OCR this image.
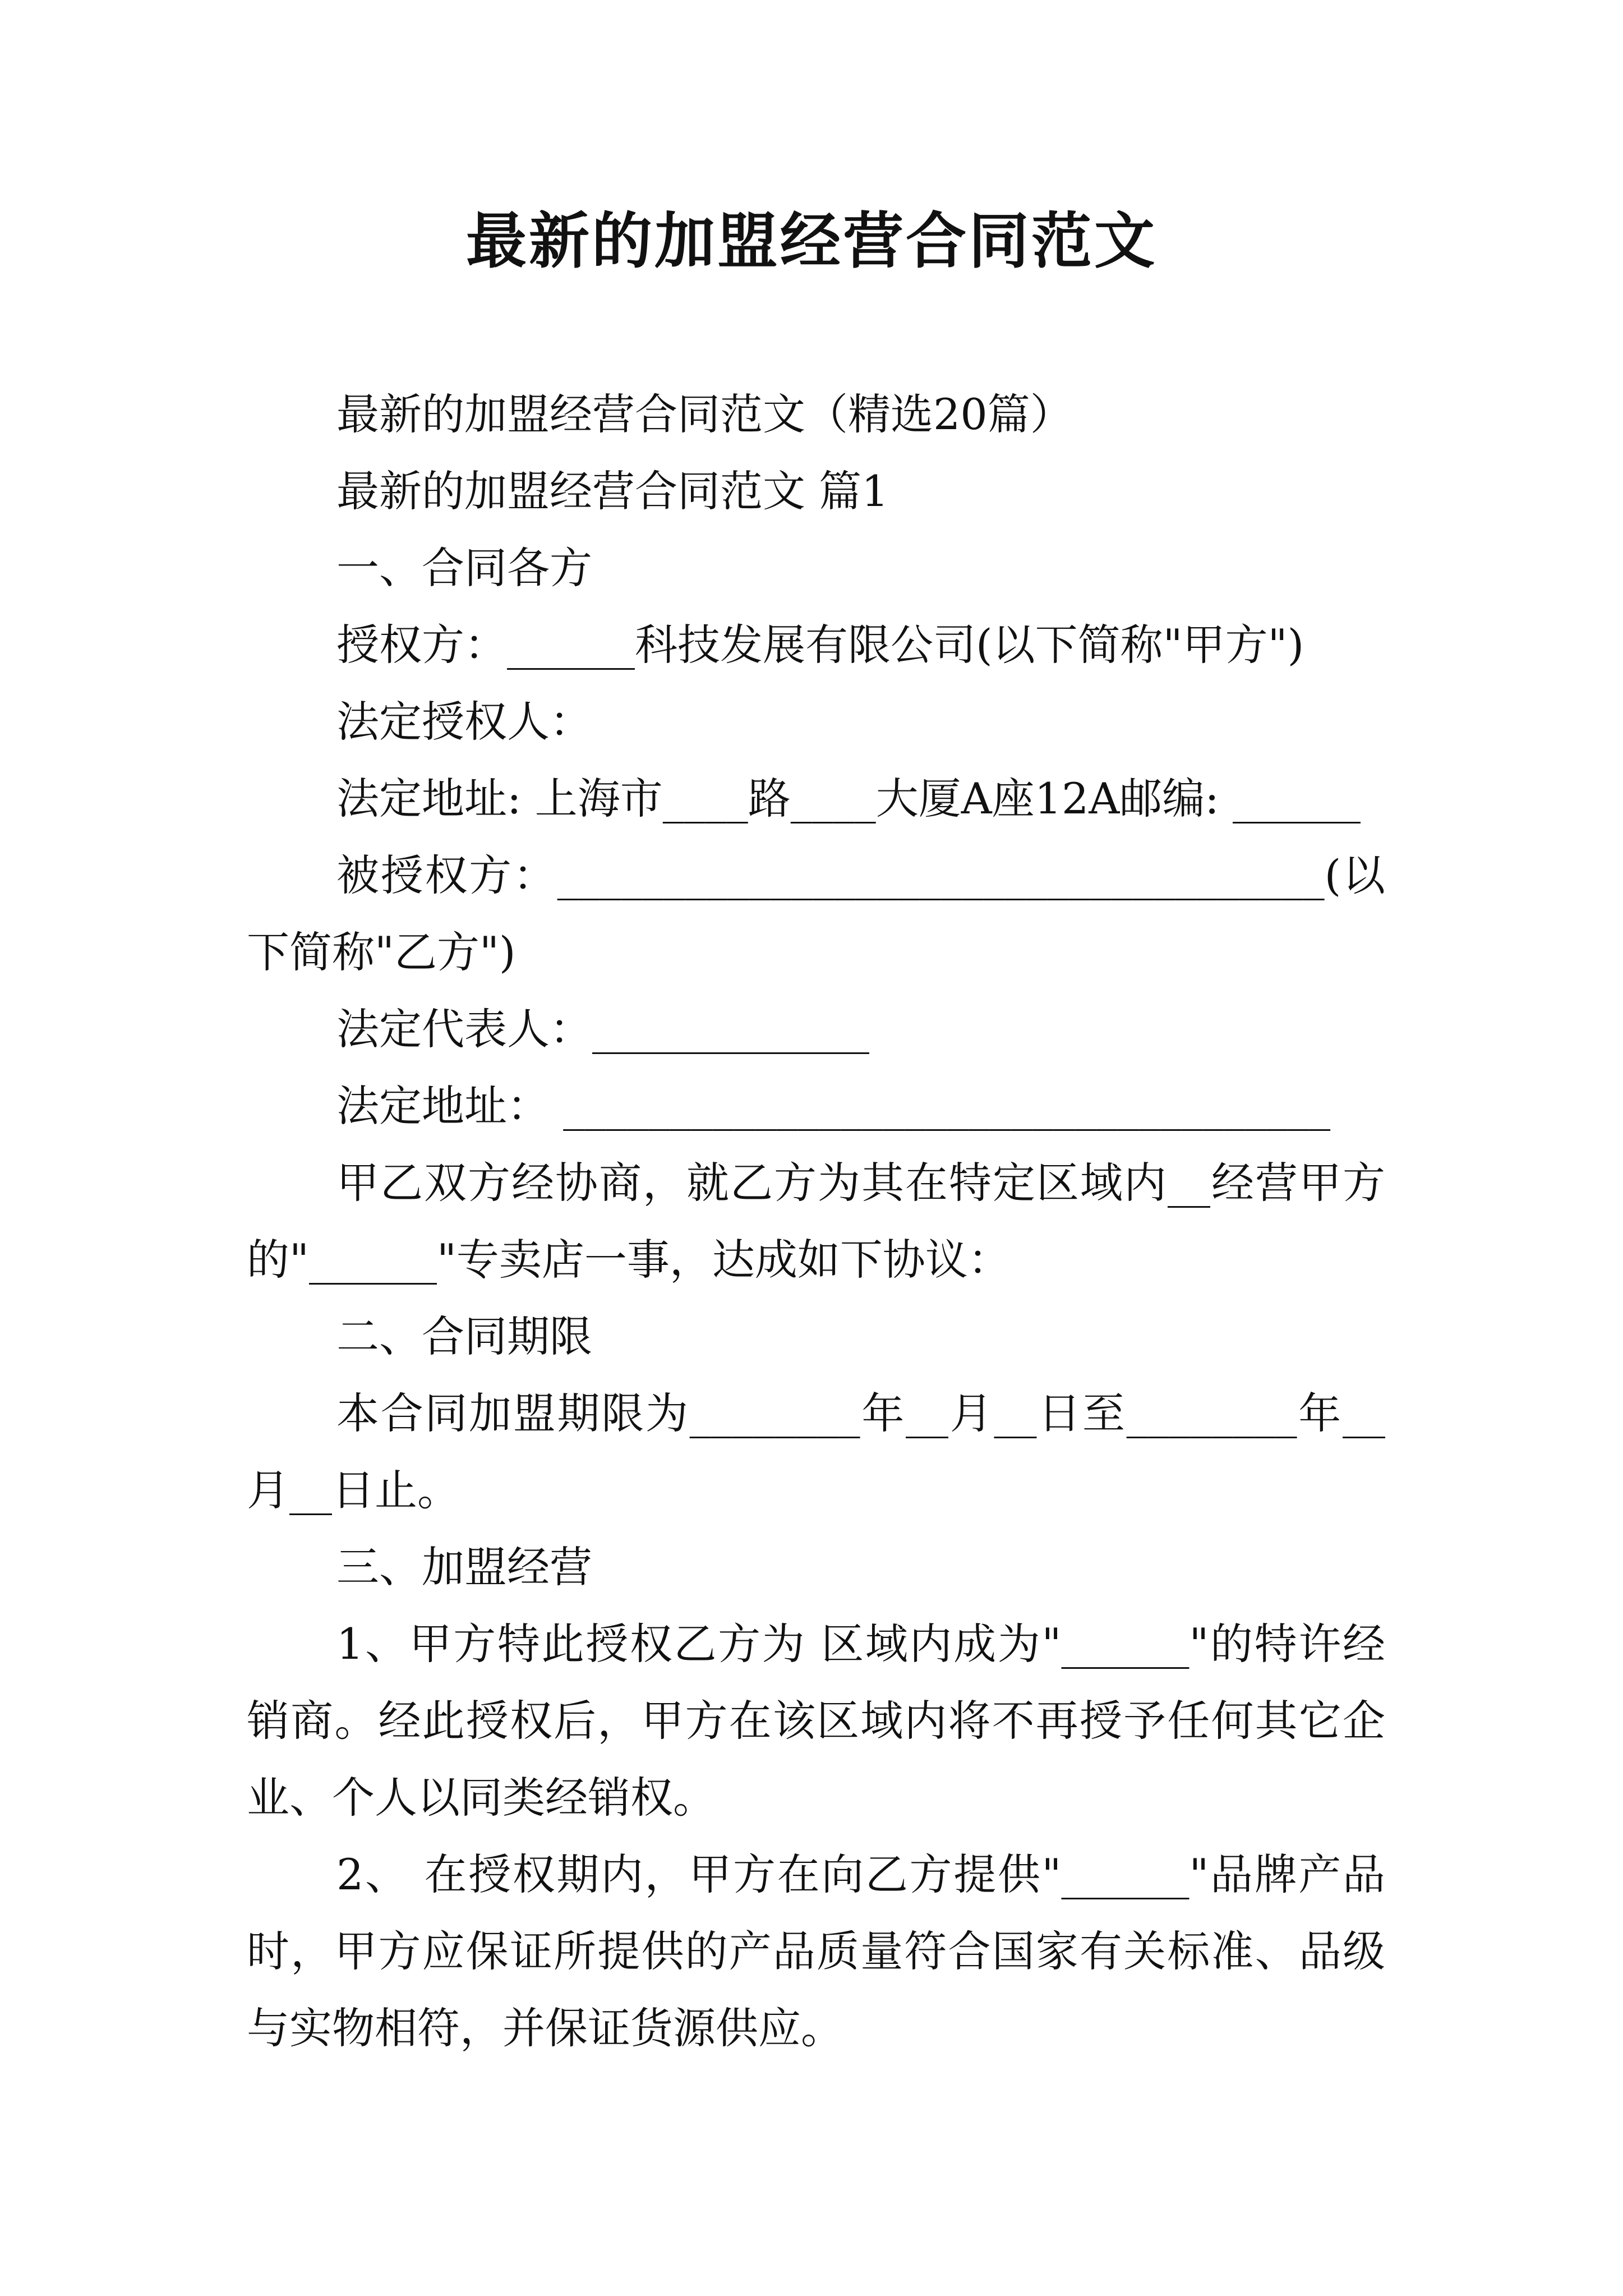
最新的加盟经营合同范文
最新的加盟经营合同范文（精选20篇）
最新的加盟经营合同范文 篇1
一、合同各方
授权方：______科技发展有限公司(以下简称"甲方")
法定授权人：
法定地址: 上海市____路____大厦A座12A邮编: ______
被授权方：____________________________________(以下简称"乙方")
法定代表人：_____________
法定地址： ____________________________________
甲乙双方经协商，就乙方为其在特定区域内__经营甲方的"______"专卖店一事，达成如下协议：
二、合同期限
本合同加盟期限为________年__月__日至________年__月__日止。
三、加盟经营
1、甲方特此授权乙方为 区域内成为"______"的特许经销商。经此授权后，甲方在该区域内将不再授予任何其它企业、个人以同类经销权。
2、 在授权期内，甲方在向乙方提供"______"品牌产品时，甲方应保证所提供的产品质量符合国家有关标准、品级与实物相符，并保证货源供应。
